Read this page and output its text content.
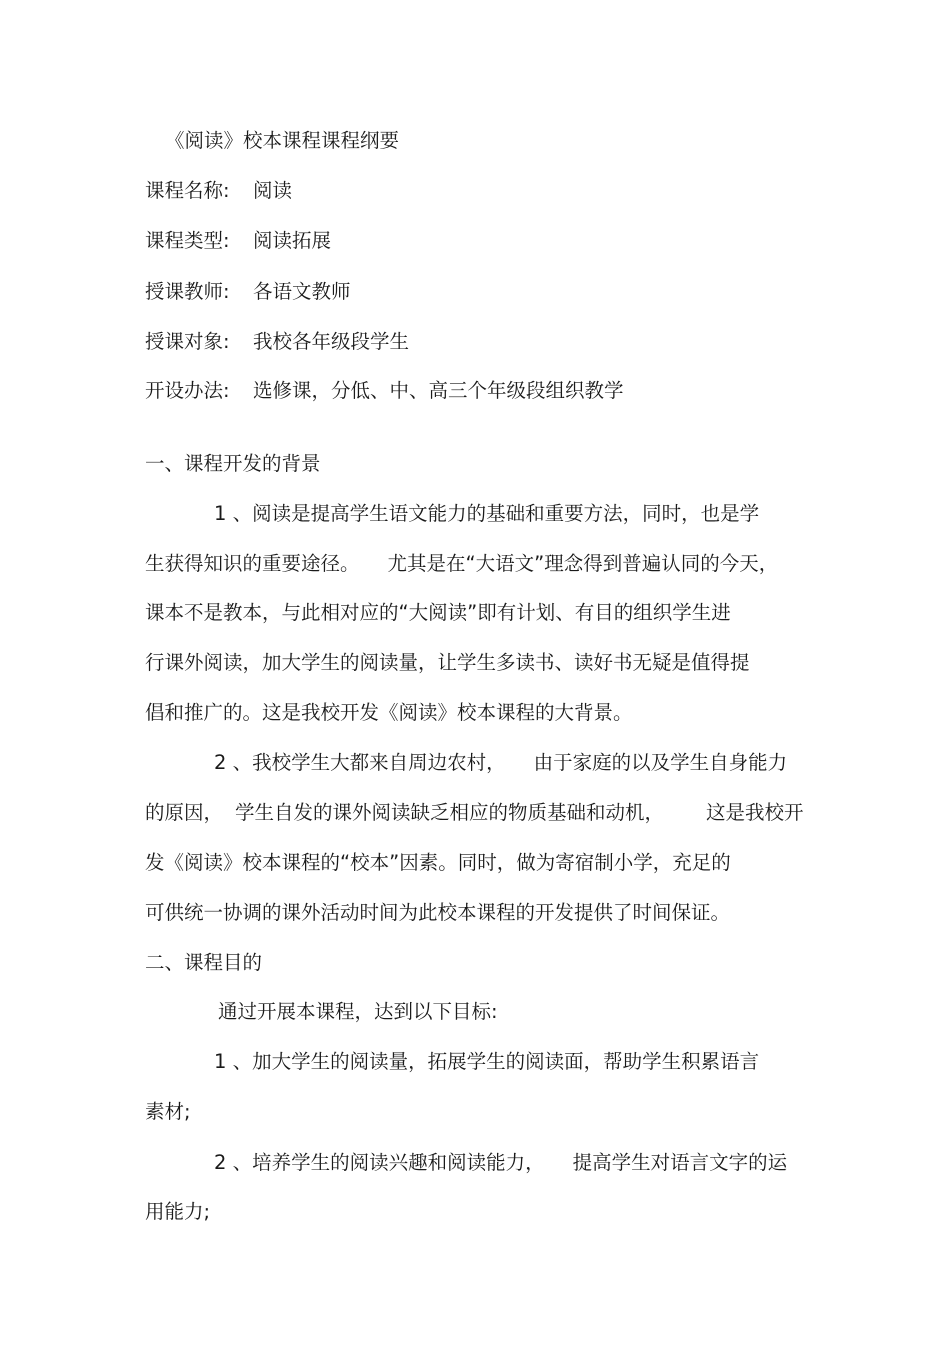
《阅读》校本课程课程纲要
课程名称: 阅读
课程类型: 阅读拓展
授课教师: 各语文教师
授课对象: 我校各年级段学生
开设办法: 选修课，分低、中、高三个年级段组织教学
一、课程开发的背景
1 、阅读是提高学生语文能力的基础和重要方法，同时，也是学
生获得知识的重要途径。 尤其是在“大语文”理念得到普遍认同的今天，
课本不是教本，与此相对应的“大阅读”即有计划、有目的组织学生进
行课外阅读，加大学生的阅读量，让学生多读书、读好书无疑是值得提
倡和推广的。这是我校开发《阅读》校本课程的大背景。
2 、我校学生大都来自周边农村， 由于家庭的以及学生自身能力
的原因， 学生自发的课外阅读缺乏相应的物质基础和动机， 这是我校开
发《阅读》校本课程的“校本”因素。同时，做为寄宿制小学，充足的
可供统一协调的课外活动时间为此校本课程的开发提供了时间保证。
二、课程目的
通过开展本课程，达到以下目标:
1 、加大学生的阅读量，拓展学生的阅读面，帮助学生积累语言
素材;
2 、培养学生的阅读兴趣和阅读能力， 提高学生对语言文字的运
用能力;
